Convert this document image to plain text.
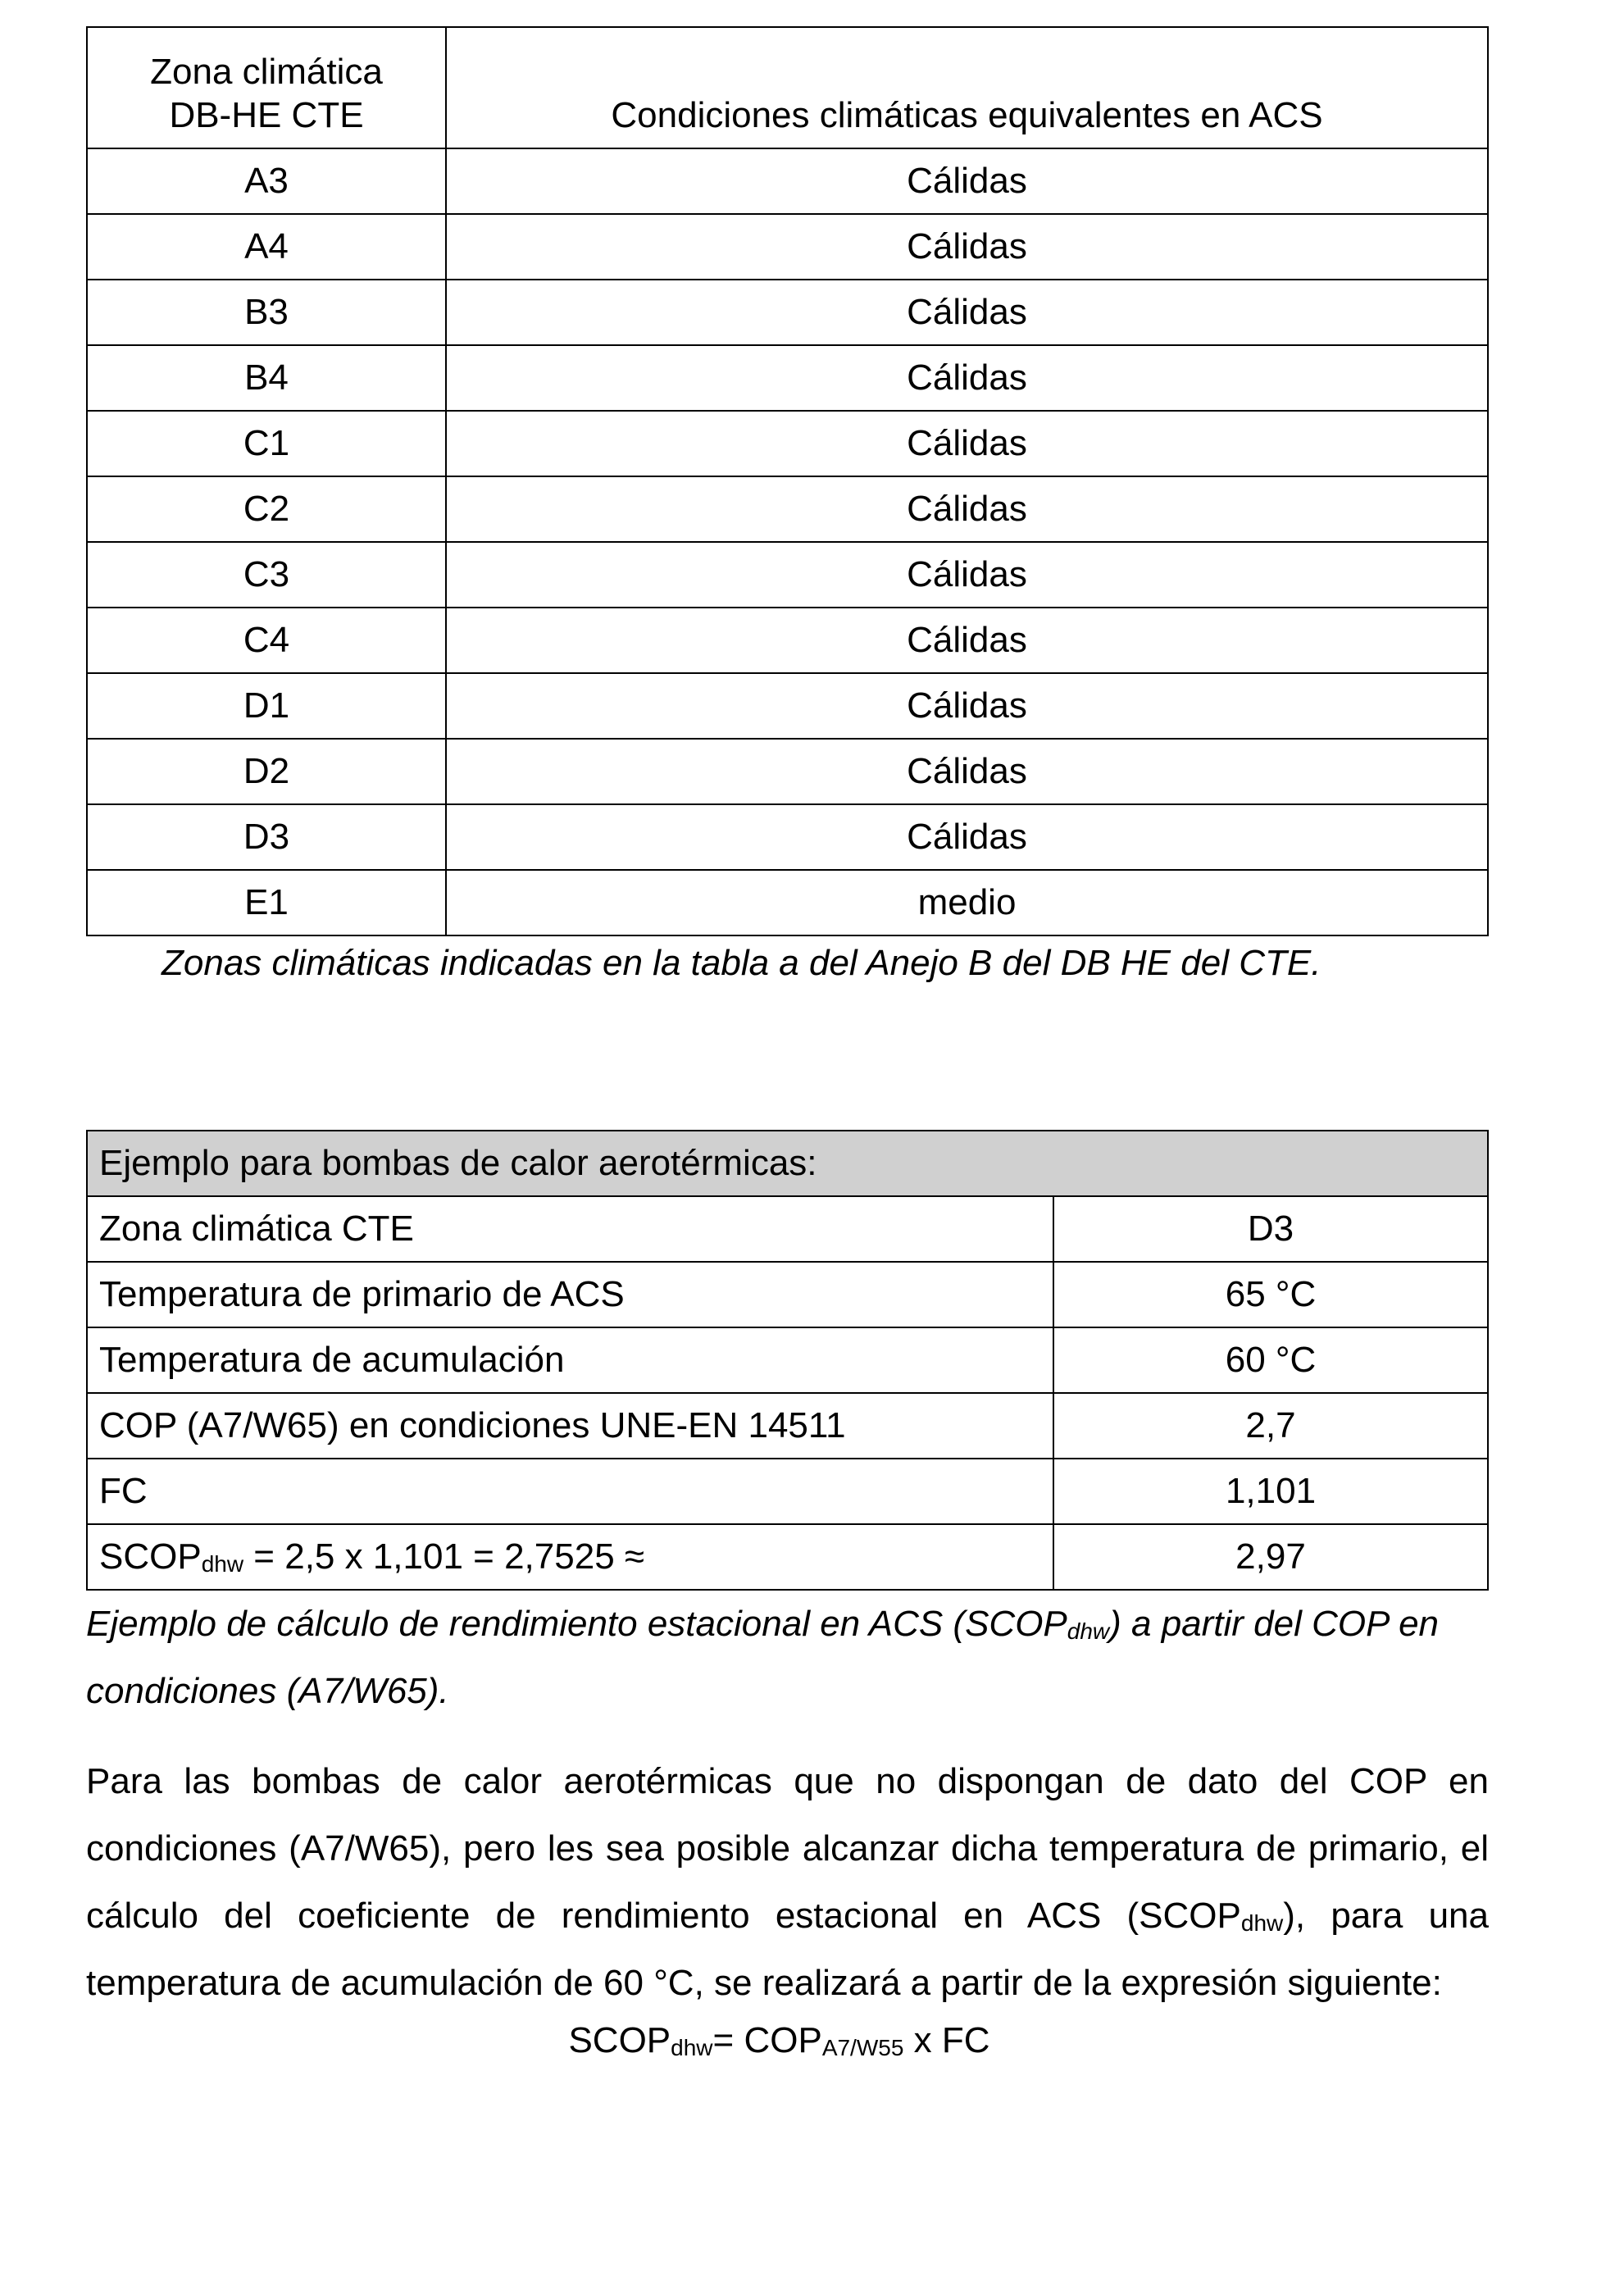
Zona climática
DB-HE CTE	Condiciones climáticas equivalentes en ACS
A3	Cálidas
A4	Cálidas
B3	Cálidas
B4	Cálidas
C1	Cálidas
C2	Cálidas
C3	Cálidas
C4	Cálidas
D1	Cálidas
D2	Cálidas
D3	Cálidas
E1	medio
Zonas climáticas indicadas en la tabla a del Anejo B del DB HE del CTE.
Ejemplo para bombas de calor aerotérmicas:	
Zona climática CTE	D3
Temperatura de primario de ACS	65 °C
Temperatura de acumulación	60 °C
COP (A7/W65) en condiciones UNE-EN 14511	2,7
FC	1,101
SCOPdhw = 2,5 x 1,101 = 2,7525 ≈	2,97
Ejemplo de cálculo de rendimiento estacional en ACS (SCOPdhw) a partir del COP en condiciones (A7/W65).
Para las bombas de calor aerotérmicas que no dispongan de dato del COP en condiciones (A7/W65), pero les sea posible alcanzar dicha temperatura de primario, el cálculo del coeficiente de rendimiento estacional en ACS (SCOPdhw), para una temperatura de acumulación de 60 °C, se realizará a partir de la expresión siguiente:
SCOPdhw= COPA7/W55 x FC
